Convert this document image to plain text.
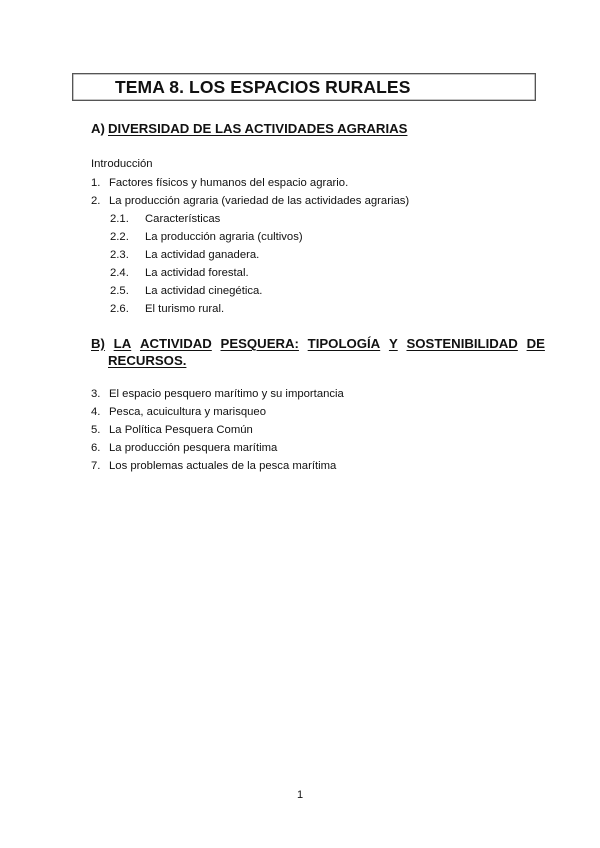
TEMA 8. LOS ESPACIOS RURALES
A) DIVERSIDAD DE LAS ACTIVIDADES AGRARIAS
Introducción
1. Factores físicos y humanos del espacio agrario.
2. La producción agraria (variedad de las actividades agrarias)
2.1. Características
2.2. La producción agraria (cultivos)
2.3. La actividad ganadera.
2.4. La actividad forestal.
2.5. La actividad cinegética.
2.6. El turismo rural.
B) LA ACTIVIDAD PESQUERA: TIPOLOGÍA Y SOSTENIBILIDAD DE
RECURSOS.
3. El espacio pesquero marítimo y su importancia
4. Pesca, acuicultura y marisqueo
5. La Política Pesquera Común
6. La producción pesquera marítima
7. Los problemas actuales de la pesca marítima
1
